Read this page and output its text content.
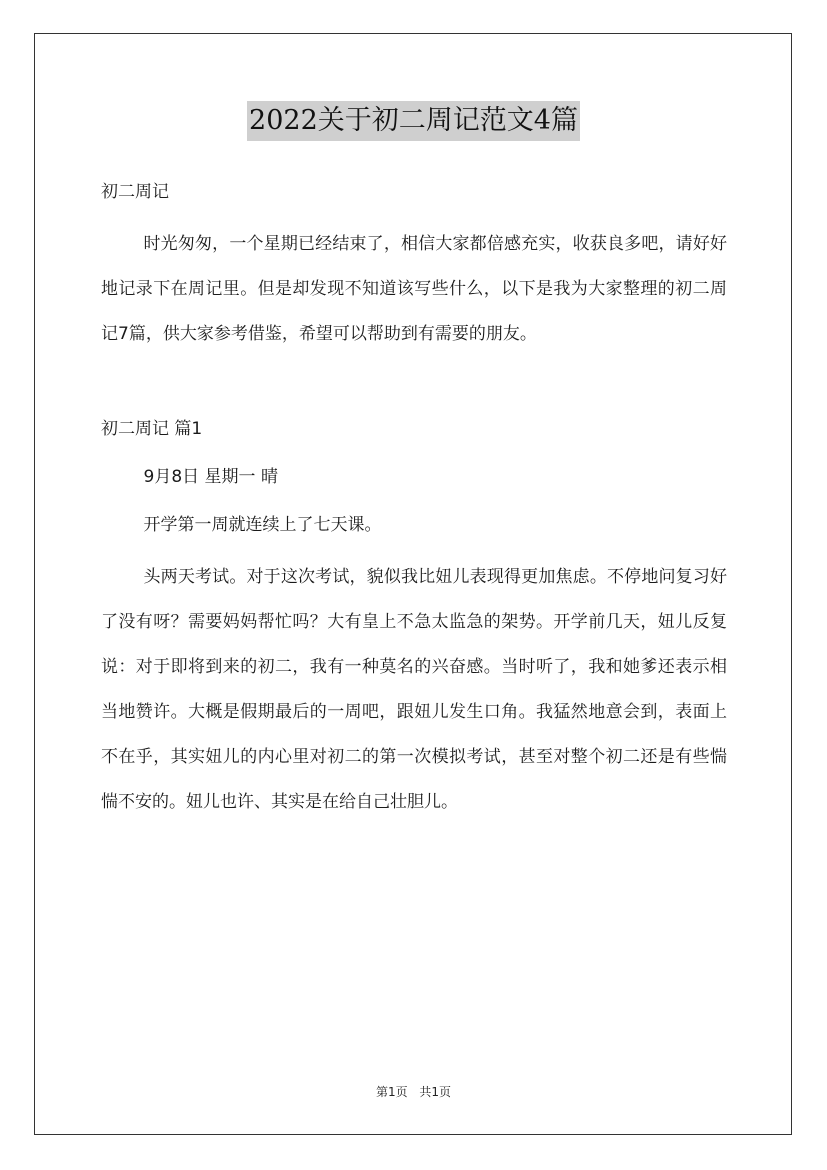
2022关于初二周记范文4篇
初二周记

时光匆匆，一个星期已经结束了，相信大家都倍感充实，收获良多吧，请好好地记录下在周记里。但是却发现不知道该写些什么，以下是我为大家整理的初二周记7篇，供大家参考借鉴，希望可以帮助到有需要的朋友。

初二周记 篇1
9月8日 星期一 晴
开学第一周就连续上了七天课。

头两天考试。对于这次考试，貌似我比妞儿表现得更加焦虑。不停地问复习好了没有呀？需要妈妈帮忙吗？大有皇上不急太监急的架势。开学前几天，妞儿反复说：对于即将到来的初二，我有一种莫名的兴奋感。当时听了，我和她爹还表示相当地赞许。大概是假期最后的一周吧，跟妞儿发生口角。我猛然地意会到，表面上不在乎，其实妞儿的内心里对初二的第一次模拟考试，甚至对整个初二还是有些惴惴不安的。妞儿也许、其实是在给自己壮胆儿。

第1页 共1页
